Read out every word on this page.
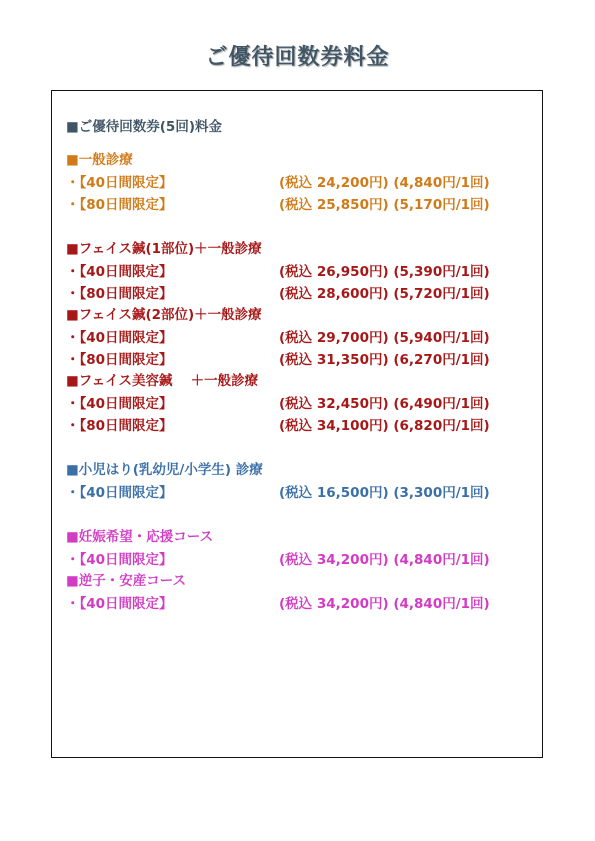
ご優待回数券料金
■ご優待回数券(5回)料金
■一般診療
・【40日間限定】	(税込 24,200円) (4,840円/1回)
・【80日間限定】	(税込 25,850円) (5,170円/1回)
■フェイス鍼(1部位)＋一般診療
・【40日間限定】	(税込 26,950円) (5,390円/1回)
・【80日間限定】	(税込 28,600円) (5,720円/1回)
■フェイス鍼(2部位)＋一般診療
・【40日間限定】	(税込 29,700円) (5,940円/1回)
・【80日間限定】	(税込 31,350円) (6,270円/1回)
■フェイス美容鍼　 ＋一般診療
・【40日間限定】	(税込 32,450円) (6,490円/1回)
・【80日間限定】	(税込 34,100円) (6,820円/1回)
■小児はり(乳幼児/小学生) 診療
・【40日間限定】	(税込 16,500円) (3,300円/1回)
■妊娠希望・応援コース
・【40日間限定】	(税込 34,200円) (4,840円/1回)
■逆子・安産コース
・【40日間限定】	(税込 34,200円) (4,840円/1回)
